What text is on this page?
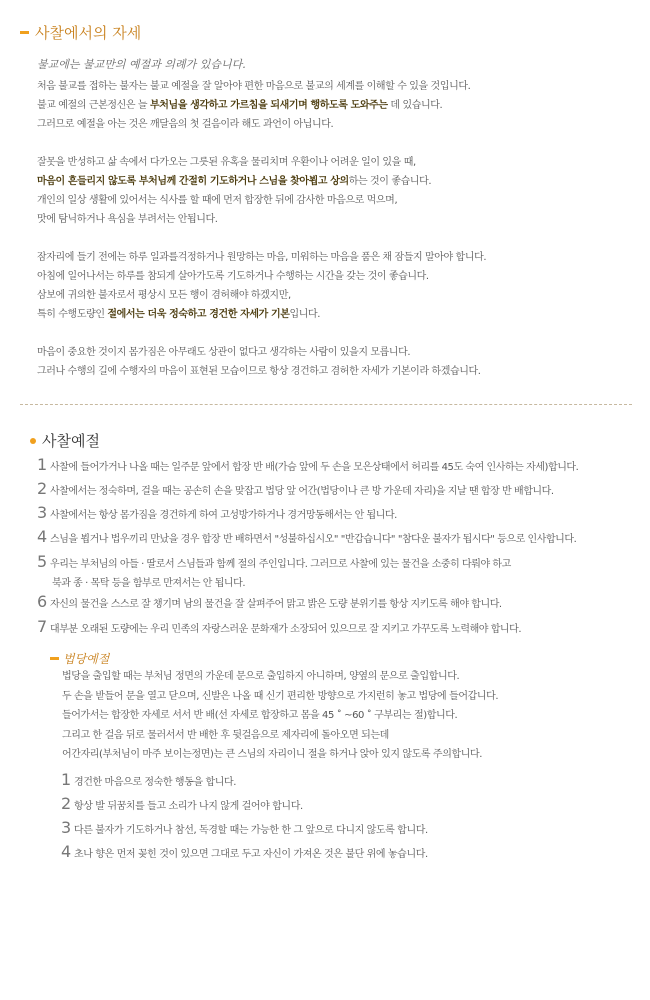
사찰에서의 자세
불교에는 불교만의 예절과 의례가 있습니다.
처음 불교를 접하는 불자는 불교 예절을 잘 알아야 편한 마음으로 불교의 세계를 이해할 수 있을 것입니다.
불교 예절의 근본정신은 늘 부처님을 생각하고 가르침을 되새기며 행하도록 도와주는 데 있습니다.
그러므로 예절을 아는 것은 깨달음의 첫 걸음이라 해도 과언이 아닙니다.
잘못을 반성하고 삶 속에서 다가오는 그릇된 유혹을 물리치며 우환이나 어려운 일이 있을 때,
마음이 흔들리지 않도록 부처님께 간절히 기도하거나 스님을 찾아뵙고 상의하는 것이 좋습니다.
개인의 일상 생활에 있어서는 식사를 할 때에 먼저 합장한 뒤에 감사한 마음으로 먹으며,
맛에 탐닉하거나 욕심을 부려서는 안됩니다.
잠자리에 들기 전에는 하루 일과를걱정하거나 원망하는 마음, 미워하는 마음을 품은 채 잠들지 말아야 합니다.
아침에 일어나서는 하루를 참되게 살아가도록 기도하거나 수행하는 시간을 갖는 것이 좋습니다.
삼보에 귀의한 불자로서 평상시 모든 행이 겸허해야 하겠지만,
특히 수행도량인 절에서는 더욱 정숙하고 경건한 자세가 기본입니다.
마음이 중요한 것이지 몸가짐은 아무래도 상관이 없다고 생각하는 사람이 있을지 모릅니다.
그러나 수행의 길에 수행자의 마음이 표현된 모습이므로 항상 경건하고 겸허한 자세가 기본이라 하겠습니다.
사찰예절
1 사찰에 들어가거나 나올 때는 일주문 앞에서 합장 반 배(가슴 앞에 두 손을 모은상태에서 허리를 45도 숙여 인사하는 자세)합니다.
2 사찰에서는 정숙하며, 걸을 때는 공손히 손을 맞잡고 법당 앞 어간(법당이나 큰 방 가운데 자리)을 지날 땐 합장 반 배합니다.
3 사찰에서는 항상 몸가짐을 경건하게 하여 고성방가하거나 경거망동해서는 안 됩니다.
4 스님을 뵙거나 법우끼리 만났을 경우 합장 반 배하면서 "성불하십시오" "반갑습니다" "참다운 불자가 됩시다" 등으로 인사합니다.
5 우리는 부처님의 아들 · 딸로서 스님들과 함께 절의 주인입니다. 그러므로 사찰에 있는 물건을 소중히 다뤄야 하고
북과 종 · 목탁 등을 함부로 만져서는 안 됩니다.
6 자신의 물건을 스스로 잘 챙기며 남의 물건을 잘 살펴주어 맑고 밝은 도량 분위기를 항상 지키도록 해야 합니다.
7 대부분 오래된 도량에는 우리 민족의 자랑스러운 문화재가 소장되어 있으므로 잘 지키고 가꾸도록 노력해야 합니다.
법당예절
법당을 출입할 때는 부처님 정면의 가운데 문으로 출입하지 아니하며, 양옆의 문으로 출입합니다.
두 손을 받들어 문을 열고 닫으며, 신발은 나올 때 신기 편리한 방향으로 가지런히 놓고 법당에 들어갑니다.
들어가서는 합장한 자세로 서서 반 배(선 자세로 합장하고 몸을 45 ˚ ~60 ˚ 구부리는 절)합니다.
그리고 한 걸음 뒤로 물러서서 반 배한 후 뒷걸음으로 제자리에 돌아오면 되는데
어간자리(부처님이 마주 보이는정면)는 큰 스님의 자리이니 절을 하거나 앉아 있지 않도록 주의합니다.
1 경건한 마음으로 정숙한 행동을 합니다.
2 항상 발 뒤꿈치를 들고 소리가 나지 않게 걸어야 합니다.
3 다른 불자가 기도하거나 참선, 독경할 때는 가능한 한 그 앞으로 다니지 않도록 합니다.
4 초나 향은 먼저 꽂힌 것이 있으면 그대로 두고 자신이 가져온 것은 불단 위에 놓습니다.
